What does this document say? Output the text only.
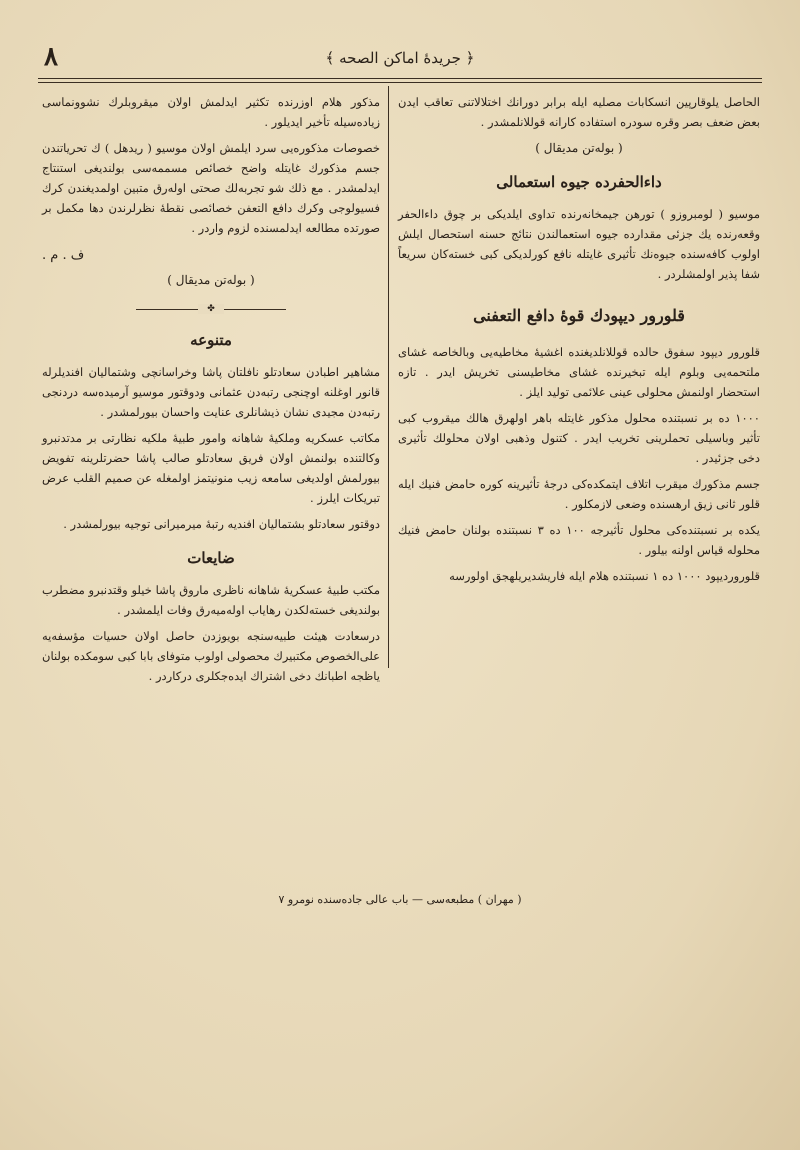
٨	﴿ جريدهٔ اماكن الصحه ﴾

الحاصل يلوقارپين انسكابات مصليه ايله برابر دورانك اختلالاتنى تعاقب ايدن بعض ضعف بصر وقره سودره استفاده كارانه قوللانلمشدر .

( بوله‌تن مديقال )
داءالحفرده جيوه استعمالى

موسيو ( لومبروزو ) تورهن جيمخانه‌رنده تداوى ايلديكى بر چوق داءالحفر وقعه‌رنده يك جزئى مقدارده جيوه استعمالندن نتائج حسنه استحصال ايلش اولوب كافه‌سنده جيوه‌نك تأثيرى غايتله نافع كورلديكى كبى خسته‌كان سريعاً شفا پذير اولمشلردر .

قلورور ديپودك قوهٔ دافع التعفنى

قلورور ديپود سفوق حالده قوللانلديغنده اغشيهٔ مخاطيه‌يى وبالخاصه غشاى ملتحمه‌يى وبلوم ايله تبخيرنده غشاى مخاطيسنى تخريش ايدر . تازه استحضار اولنمش محلولى عينى علائمى توليد ايلز .

١٠٠٠ ده بر نسبتنده محلول مذكور غايتله باهر اولهرق هالك ميقروب كبى تأثير وباسيلى تحملرينى تخريب ايدر . كتنول وذهبى اولان محلولك تأثيرى دخى جزئيدر .

جسم مذكورك ميقرب اتلاف ايتمكده‌كى درجهٔ تأثيرينه كوره حامض فنيك ايله قلور ثانى زيق ارهسنده وضعى لازمكلور .

يكده بر نسبتنده‌كى محلول تأثيرجه ١٠٠ ده ٣ نسبتنده بولنان حامض فنيك محلوله قياس اولنه بيلور .

قلورورديپود ١٠٠٠ ده ١ نسبتنده هلام ايله فاريشديريلهجق اولورسه

مذكور هلام اوزرنده تكثير ايدلمش اولان ميقروبلرك نشوونماسى زياده‌سيله تأخير ايديلور .

خصوصات مذكوره‌يى سرد ايلمش اولان موسيو ( ريدهل ) ك تحرياتندن جسم مذكورك غايتله واضح خصائص مسممه‌سى بولنديغى استنتاج ايدلمشدر . مع ذلك شو تجربه‌لك صحتى اوله‌رق متبين اولمديغندن كرك فسيولوجى وكرك دافع التعفن خصائصى نقطهٔ نظرلرندن دها مكمل بر صورتده مطالعه ايدلمسنده لزوم واردر .

ف . م .
( بوله‌تن مديقال )
✤
متنوعه

مشاهير اطبادن سعادتلو نافلتان پاشا وخراسانچى وشتماليان افنديلرله قانور اوغلنه اوچنجى رتبه‌دن عثمانى ودوقتور موسيو آرميده‌سه دردنجى رتبه‌دن مجيدى نشان ذيشانلرى عنايت واحسان بيورلمشدر .

مكاتب عسكريه وملكيهٔ شاهانه وامور طبيهٔ ملكيه نظارتى بر مدتدنبرو وكالتنده بولنمش اولان فريق سعادتلو صالب پاشا حضرتلرينه تفويض بيورلمش اولديغى سامعه زيب منونيتمز اولمغله عن صميم القلب عرض تبريكات ايلرز .

دوقتور سعادتلو بشتماليان افنديه رتبهٔ ميرميرانى توجيه بيورلمشدر .

ضايعات

مكتب طبيهٔ عسكريهٔ شاهانه ناظرى ماروق پاشا خيلو وقتدنبرو مضطرب بولنديغى خسته‌لكدن رهاياب اوله‌ميه‌رق وفات ايلمشدر .

درسعادت هيئت طبيه‌سنجه بويوزدن حاصل اولان حسيات مؤسفه‌يه على‌الخصوص مكتبيرك محصولى اولوب متوفاى بابا كبى سومكده بولنان ياظجه اطبانك دخى اشتراك ايده‌جكلرى دركاردر .

( مهران ) مطبعه‌سى — باب عالى جاده‌سنده نومرو ٧
